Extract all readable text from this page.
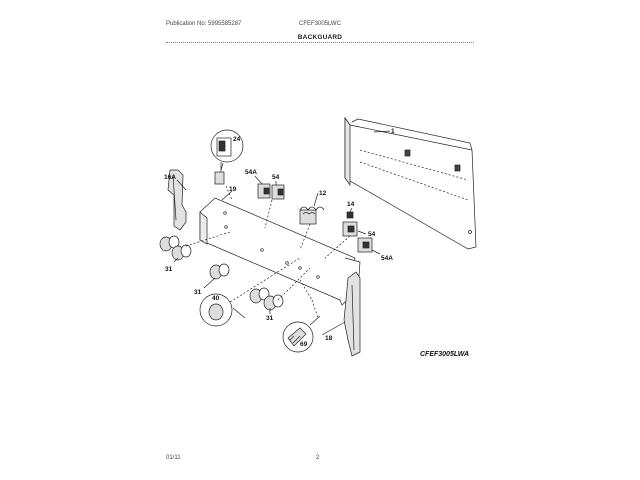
Publication No: 5995585287	CFEF3005LWC
BACKGUARD
1
24
54A
54
19
16A
12
14
54
54A
31
31
40
31
18
69
CFEF3005LWA
01/11	2
